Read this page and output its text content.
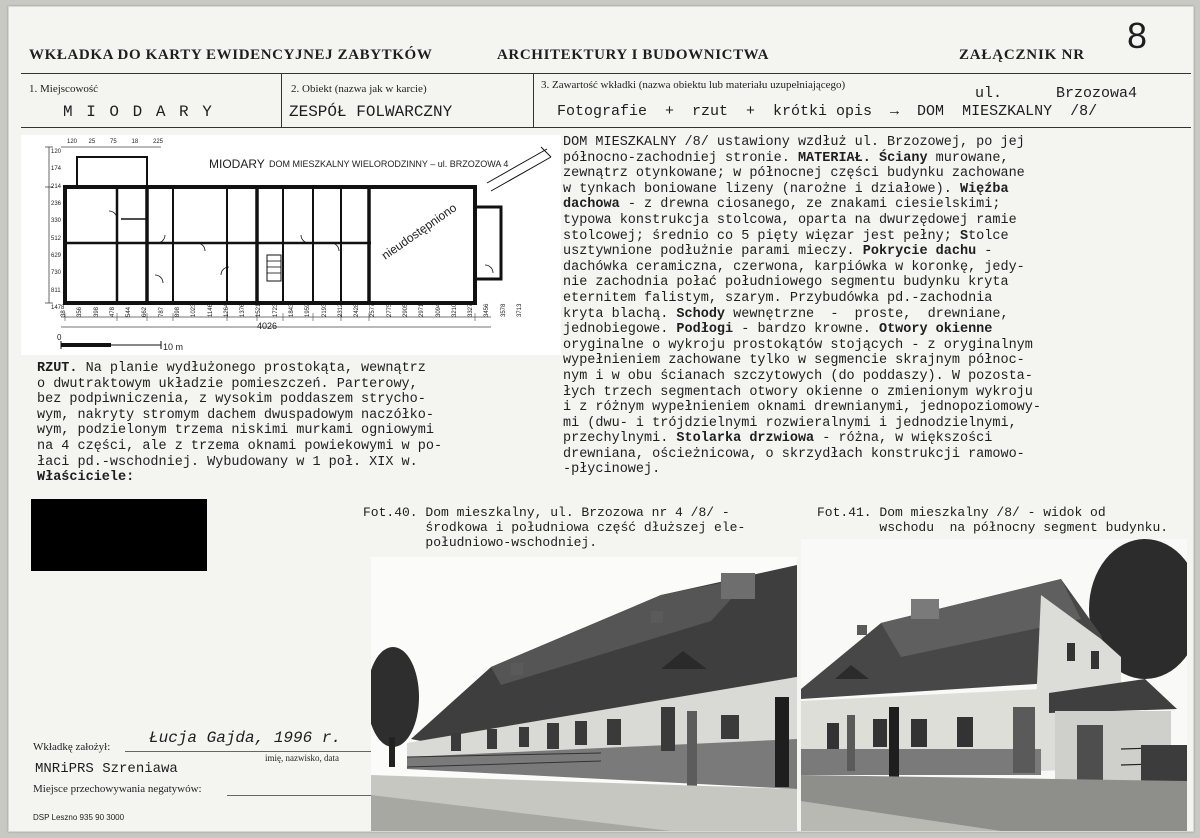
WKŁADKA DO KARTY EWIDENCYJNEJ ZABYTKÓW	ARCHITEKTURY I BUDOWNICTWA	ZAŁĄCZNIK NR 8
1. Miejscowość
M I O D A R Y
2. Obiekt (nazwa jak w karcie)
ZESPÓŁ FOLWARCZNY
3. Zawartość wkładki (nazwa obiektu lub materiału uzupełniającego)	ul.      Brzozowa4
Fotografie  +  rzut  +  krótki opis  →  DOM  MIESZKALNY  /8/
MIODARY DOM MIESZKALNY WIELORODZINNY – ul. BRZOZOWA 4
nieudostępniono
4026
10 m
0
120
174
214
236
330
512
629
730
811
1478
120 25 75 18 225
38 356 398 478 544 662 787 898 1023 1146 1264 1376 1521 1723 1843 1959 2193 2312 2428 2577 2775 2905 2971 3094 3210 3327 3456 3578 3713
DOM MIESZKALNY /8/ ustawiony wzdłuż ul. Brzozowej, po jej
północno-zachodniej stronie. MATERIAŁ. Ściany murowane,
zewnątrz otynkowane; w północnej części budynku zachowane
w tynkach boniowane lizeny (narożne i działowe). Więźba
dachowa - z drewna ciosanego, ze znakami ciesielskimi;
typowa konstrukcja stolcowa, oparta na dwurzędowej ramie
stolcowej; średnio co 5 piętу więzar jest pełny; Stolce
usztywnione podłużnie parami mieczy. Pokrycie dachu -
dachówka ceramiczna, czerwona, karpiówka w koronkę, jedy-
nie zachodnia połać południowego segmentu budynku kryta
eternitem falistym, szarym. Przybudówka pd.-zachodnia
kryta blachą. Schody wewnętrzne  -  proste,  drewniane,
jednobiegowe. Podłogi - bardzo krowne. Otwory okienne
oryginalne o wykroju prostokątów stojących - z oryginalnym
wypełnieniem zachowane tylko w segmencie skrajnym północ-
nym i w obu ścianach szczytowych (do poddaszy). W pozosta-
łych trzech segmentach otwory okienne o zmienionym wykroju
i z różnym wypełnieniem oknami drewnianymi, jednopoziomowy-
mi (dwu- i trójdzielnymi rozwieralnymi i jednodzielnymi,
przechylnymi. Stolarka drzwiowa - różna, w większości
drewniana, ościeżnicowa, o skrzydłach konstrukcji ramowo-
-płycinowej.
RZUT. Na planie wydłużonego prostokąta, wewnątrz
o dwutraktowym układzie pomieszczeń. Parterowy,
bez podpiwniczenia, z wysokim poddaszem strycho-
wym, nakryty stromym dachem dwuspadowym naczółko-
wym, podzielonym trzema niskimi murkami ogniowymi
na 4 części, ale z trzema oknami powiekowymi w po-
łaci pd.-wschodniej. Wybudowany w 1 poł. XIX w.
Właściciele:
Fot.40. Dom mieszkalny, ul. Brzozowa nr 4 /8/ -
środkowa i południowa część dłuższej ele-
południowo-wschodniej.
Fot.41. Dom mieszkalny /8/ - widok od
wschodu  na północny segment budynku.
Wkładkę założył: Łucja Gajda, 1996 r.
imię, nazwisko, data
MNRiPRS Szreniawa
Miejsce przechowywania negatywów:
DSP Leszno 935 90 3000
